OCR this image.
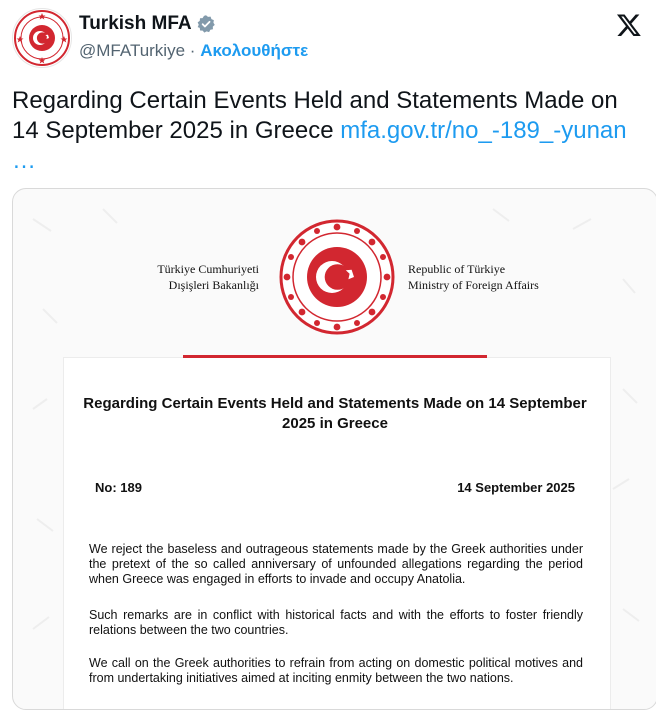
Turkish MFA
@MFATurkiye · Ακολουθήστε
Regarding Certain Events Held and Statements Made on 14 September 2025 in Greece mfa.gov.tr/no_-189_-yunan
…
Türkiye Cumhuriyeti
Dışişleri Bakanlığı
Republic of Türkiye
Ministry of Foreign Affairs
Regarding Certain Events Held and Statements Made on 14 September 2025 in Greece
No: 189	14 September 2025
We reject the baseless and outrageous statements made by the Greek authorities under the pretext of the so called anniversary of unfounded allegations regarding the period when Greece was engaged in efforts to invade and occupy Anatolia.
Such remarks are in conflict with historical facts and with the efforts to foster friendly relations between the two countries.
We call on the Greek authorities to refrain from acting on domestic political motives and from undertaking initiatives aimed at inciting enmity between the two nations.
